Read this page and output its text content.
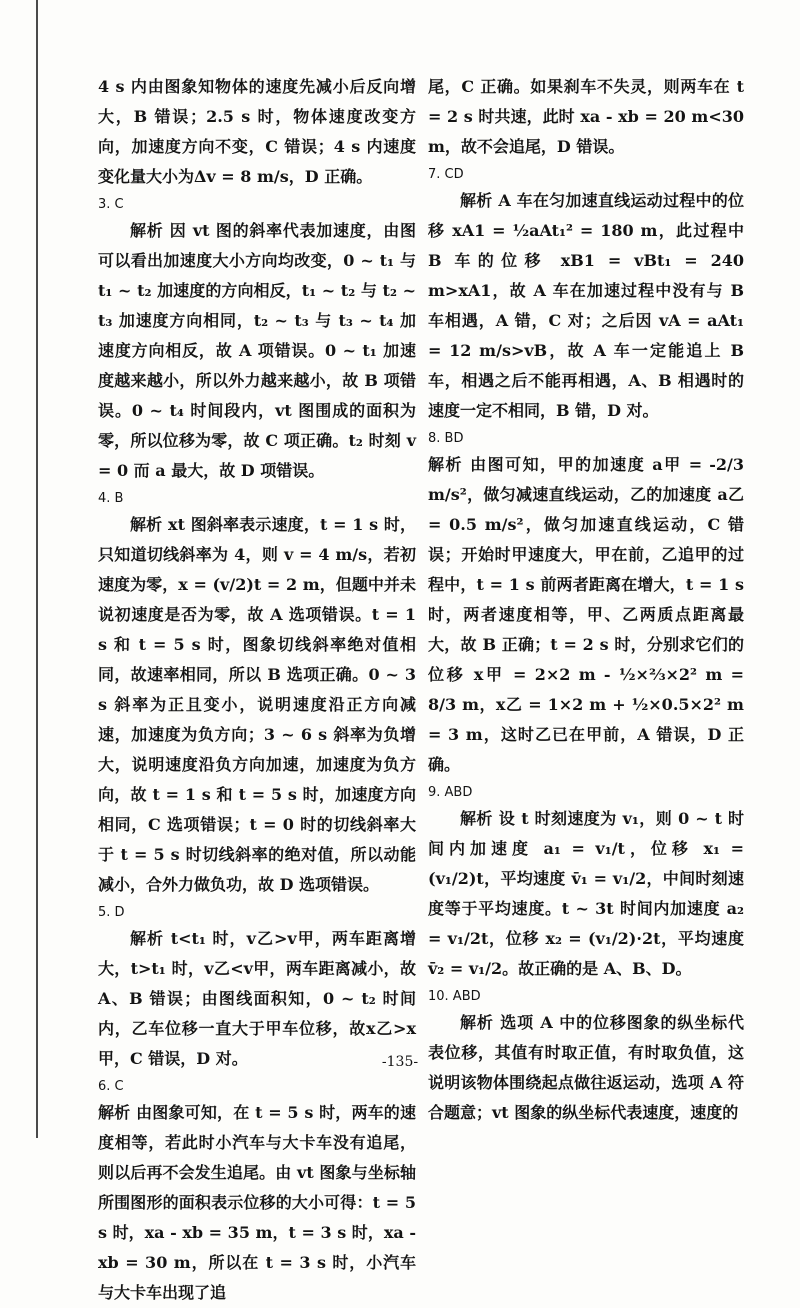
4 s 内由图象知物体的速度先减小后反向增大，B 错误；2.5 s 时，物体速度改变方向，加速度方向不变，C 错误；4 s 内速度变化量大小为Δv = 8 m/s，D 正确。
3. C
解析 因 vt 图的斜率代表加速度，由图可以看出加速度大小方向均改变，0 ~ t₁ 与 t₁ ~ t₂ 加速度的方向相反，t₁ ~ t₂ 与 t₂ ~ t₃ 加速度方向相同，t₂ ~ t₃ 与 t₃ ~ t₄ 加速度方向相反，故 A 项错误。0 ~ t₁ 加速度越来越小，所以外力越来越小，故 B 项错误。0 ~ t₄ 时间段内，vt 图围成的面积为零，所以位移为零，故 C 项正确。t₂ 时刻 v = 0 而 a 最大，故 D 项错误。
4. B
解析 xt 图斜率表示速度，t = 1 s 时，只知道切线斜率为 4，则 v = 4 m/s，若初速度为零，x = (v/2)t = 2 m，但题中并未说初速度是否为零，故 A 选项错误。t = 1 s 和 t = 5 s 时，图象切线斜率绝对值相同，故速率相同，所以 B 选项正确。0 ~ 3 s 斜率为正且变小，说明速度沿正方向减速，加速度为负方向；3 ~ 6 s 斜率为负增大，说明速度沿负方向加速，加速度为负方向，故 t = 1 s 和 t = 5 s 时，加速度方向相同，C 选项错误；t = 0 时的切线斜率大于 t = 5 s 时切线斜率的绝对值，所以动能减小，合外力做负功，故 D 选项错误。
5. D
解析 t<t₁ 时，v乙>v甲，两车距离增大，t>t₁ 时，v乙<v甲，两车距离减小，故 A、B 错误；由图线面积知，0 ~ t₂ 时间内，乙车位移一直大于甲车位移，故x乙>x甲，C 错误，D 对。
6. C
解析 由图象可知，在 t = 5 s 时，两车的速度相等，若此时小汽车与大卡车没有追尾，则以后再不会发生追尾。由 vt 图象与坐标轴所围图形的面积表示位移的大小可得：t = 5 s 时，xa - xb = 35 m，t = 3 s 时，xa - xb = 30 m，所以在 t = 3 s 时，小汽车与大卡车出现了追
尾，C 正确。如果刹车不失灵，则两车在 t = 2 s 时共速，此时 xa - xb = 20 m<30 m，故不会追尾，D 错误。
7. CD
解析 A 车在匀加速直线运动过程中的位移 xA1 = ½aAt₁² = 180 m，此过程中 B 车的位移 xB1 = vBt₁ = 240 m>xA1，故 A 车在加速过程中没有与 B 车相遇，A 错，C 对；之后因 vA = aAt₁ = 12 m/s>vB，故 A 车一定能追上 B 车，相遇之后不能再相遇，A、B 相遇时的速度一定不相同，B 错，D 对。
8. BD
解析 由图可知，甲的加速度 a甲 = -2/3 m/s²，做匀减速直线运动，乙的加速度 a乙 = 0.5 m/s²，做匀加速直线运动，C 错误；开始时甲速度大，甲在前，乙追甲的过程中，t = 1 s 前两者距离在增大，t = 1 s 时，两者速度相等，甲、乙两质点距离最大，故 B 正确；t = 2 s 时，分别求它们的位移 x甲 = 2×2 m - ½×⅔×2² m = 8/3 m，x乙 = 1×2 m + ½×0.5×2² m = 3 m，这时乙已在甲前，A 错误，D 正确。
9. ABD
解析 设 t 时刻速度为 v₁，则 0 ~ t 时间内加速度 a₁ = v₁/t，位移 x₁ = (v₁/2)t，平均速度 v̄₁ = v₁/2，中间时刻速度等于平均速度。t ~ 3t 时间内加速度 a₂ = v₁/2t，位移 x₂ = (v₁/2)·2t，平均速度 v̄₂ = v₁/2。故正确的是 A、B、D。
10. ABD
解析 选项 A 中的位移图象的纵坐标代表位移，其值有时取正值，有时取负值，这说明该物体围绕起点做往返运动，选项 A 符合题意；vt 图象的纵坐标代表速度，速度的
-135-
